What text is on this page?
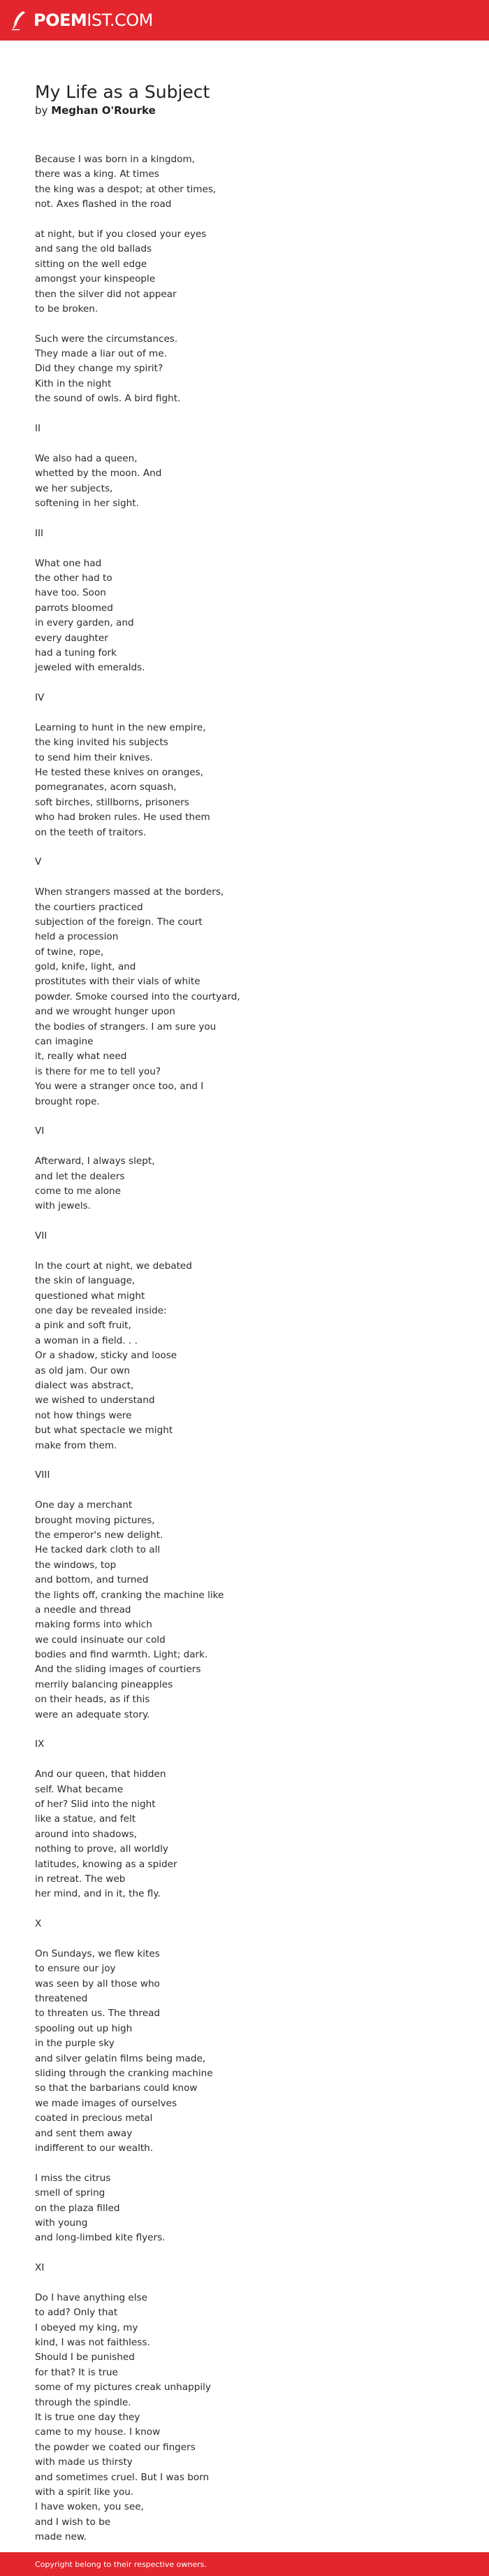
POEMIST.COM
My Life as a Subject

by Meghan O'Rourke

Because I was born in a kingdom,
there was a king. At times
the king was a despot; at other times,
not. Axes flashed in the road
at night, but if you closed your eyes
and sang the old ballads
sitting on the well edge
amongst your kinspeople
then the silver did not appear
to be broken.
Such were the circumstances.
They made a liar out of me.
Did they change my spirit?
Kith in the night
the sound of owls. A bird fight.
II
We also had a queen,
whetted by the moon. And
we her subjects,
softening in her sight.
III
What one had
the other had to
have too. Soon
parrots bloomed
in every garden, and
every daughter
had a tuning fork
jeweled with emeralds.
IV
Learning to hunt in the new empire,
the king invited his subjects
to send him their knives.
He tested these knives on oranges,
pomegranates, acorn squash,
soft birches, stillborns, prisoners
who had broken rules. He used them
on the teeth of traitors.
V
When strangers massed at the borders,
the courtiers practiced
subjection of the foreign. The court
held a procession
of twine, rope,
gold, knife, light, and
prostitutes with their vials of white
powder. Smoke coursed into the courtyard,
and we wrought hunger upon
the bodies of strangers. I am sure you
can imagine
it, really what need
is there for me to tell you?
You were a stranger once too, and I
brought rope.
VI
Afterward, I always slept,
and let the dealers
come to me alone
with jewels.
VII
In the court at night, we debated
the skin of language,
questioned what might
one day be revealed inside:
a pink and soft fruit,
a woman in a field. . .
Or a shadow, sticky and loose
as old jam. Our own
dialect was abstract,
we wished to understand
not how things were
but what spectacle we might
make from them.
VIII
One day a merchant
brought moving pictures,
the emperor's new delight.
He tacked dark cloth to all
the windows, top
and bottom, and turned
the lights off, cranking the machine like
a needle and thread
making forms into which
we could insinuate our cold
bodies and find warmth. Light; dark.
And the sliding images of courtiers
merrily balancing pineapples
on their heads, as if this
were an adequate story.
IX
And our queen, that hidden
self. What became
of her? Slid into the night
like a statue, and felt
around into shadows,
nothing to prove, all worldly
latitudes, knowing as a spider
in retreat. The web
her mind, and in it, the fly.
X
On Sundays, we flew kites
to ensure our joy
was seen by all those who
threatened
to threaten us. The thread
spooling out up high
in the purple sky
and silver gelatin films being made,
sliding through the cranking machine
so that the barbarians could know
we made images of ourselves
coated in precious metal
and sent them away
indifferent to our wealth.
I miss the citrus
smell of spring
on the plaza filled
with young
and long-limbed kite flyers.
XI
Do I have anything else
to add? Only that
I obeyed my king, my
kind, I was not faithless.
Should I be punished
for that? It is true
some of my pictures creak unhappily
through the spindle.
It is true one day they
came to my house. I know
the powder we coated our fingers
with made us thirsty
and sometimes cruel. But I was born
with a spirit like you.
I have woken, you see,
and I wish to be
made new.
Copyright belong to their respective owners.
